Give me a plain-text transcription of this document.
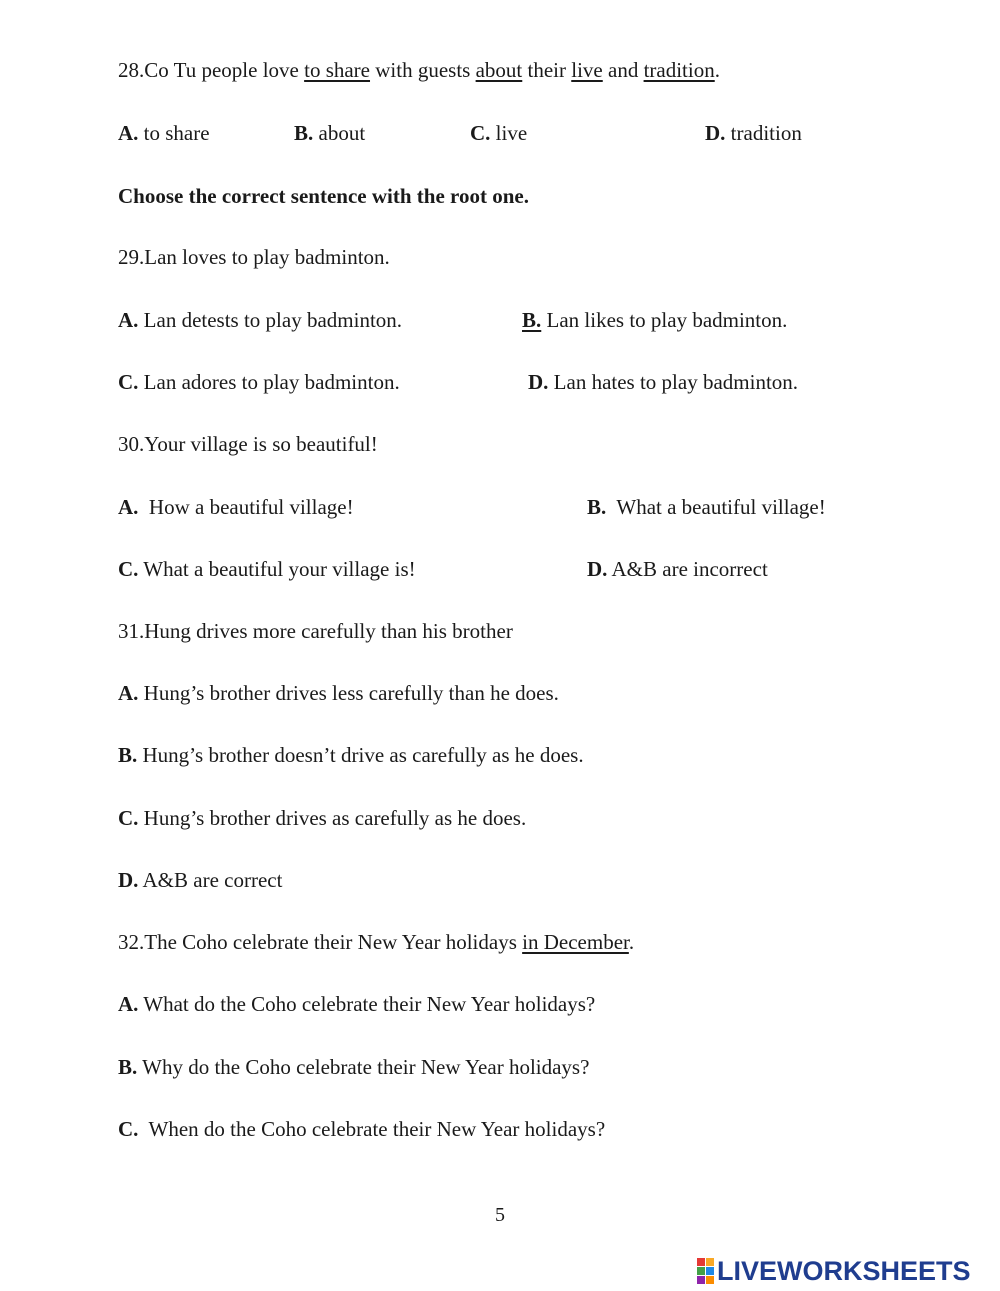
28.Co Tu people love to share with guests about their live and tradition.
A. to share	B. about	C. live	D. tradition
Choose the correct sentence with the root one.
29.Lan loves to play badminton.
A. Lan detests to play badminton.	B. Lan likes to play badminton.
C. Lan adores to play badminton.	D. Lan hates to play badminton.
30.Your village is so beautiful!
A.  How a beautiful village!	B.  What a beautiful village!
C. What a beautiful your village is!	D. A&B are incorrect
31.Hung drives more carefully than his brother
A. Hung’s brother drives less carefully than he does.
B. Hung’s brother doesn’t drive as carefully as he does.
C. Hung’s brother drives as carefully as he does.
D. A&B are correct
32.The Coho celebrate their New Year holidays in December.
A. What do the Coho celebrate their New Year holidays?
B. Why do the Coho celebrate their New Year holidays?
C.  When do the Coho celebrate their New Year holidays?
5
LIVEWORKSHEETS
